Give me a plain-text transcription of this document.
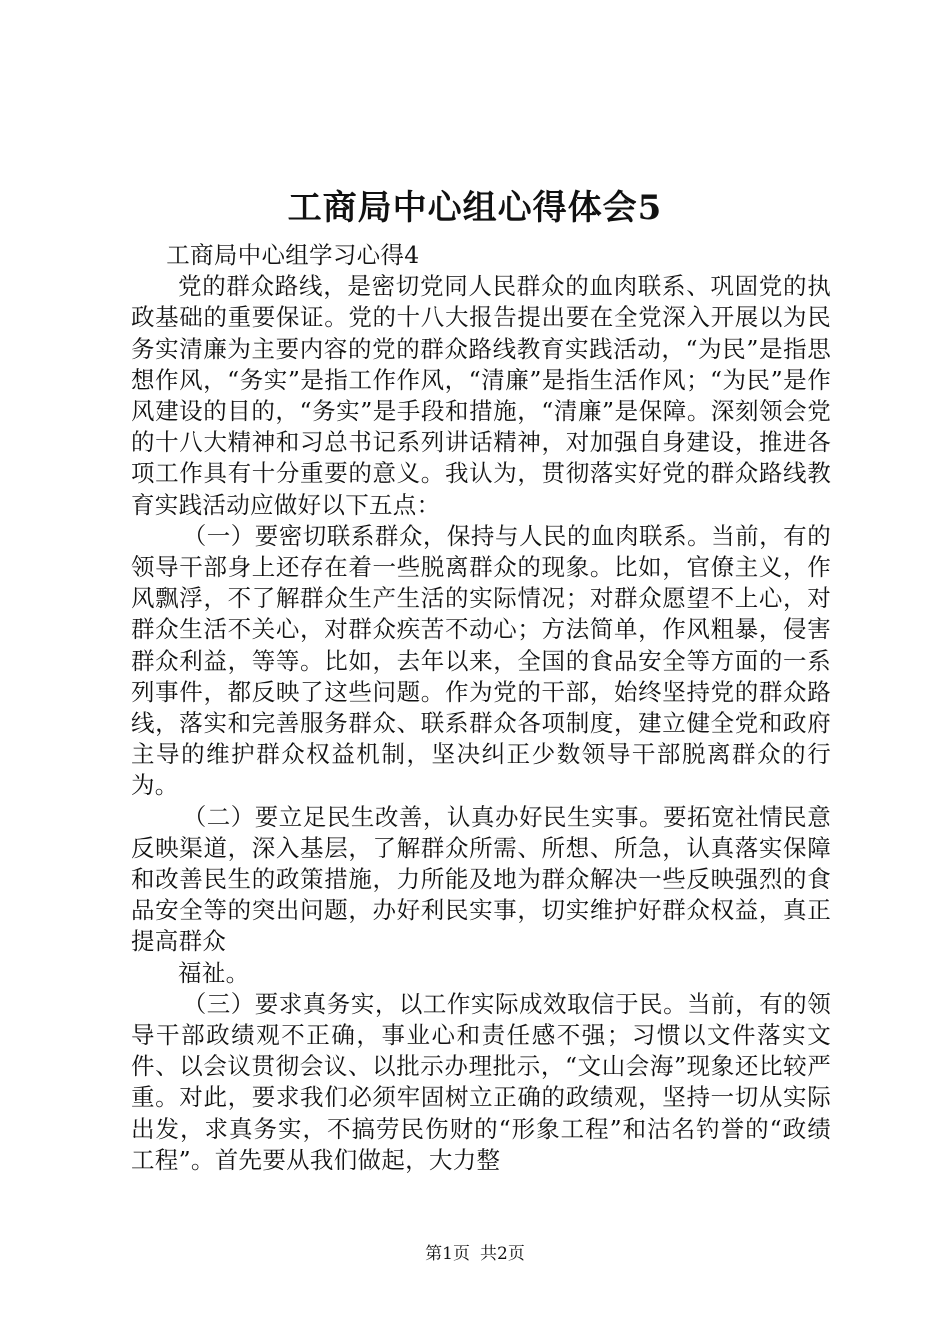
工商局中心组心得体会5

工商局中心组学习心得4

党的群众路线，是密切党同人民群众的血肉联系、巩固党的执政基础的重要保证。党的十八大报告提出要在全党深入开展以为民务实清廉为主要内容的党的群众路线教育实践活动，“为民”是指思想作风，“务实”是指工作作风，“清廉”是指生活作风；“为民”是作风建设的目的，“务实”是手段和措施，“清廉”是保障。深刻领会党的十八大精神和习总书记系列讲话精神，对加强自身建设，推进各项工作具有十分重要的意义。我认为，贯彻落实好党的群众路线教育实践活动应做好以下五点：

（一）要密切联系群众，保持与人民的血肉联系。当前，有的领导干部身上还存在着一些脱离群众的现象。比如，官僚主义，作风飘浮，不了解群众生产生活的实际情况；对群众愿望不上心，对群众生活不关心，对群众疾苦不动心；方法简单，作风粗暴，侵害群众利益，等等。比如，去年以来，全国的食品安全等方面的一系列事件，都反映了这些问题。作为党的干部，始终坚持党的群众路线，落实和完善服务群众、联系群众各项制度，建立健全党和政府主导的维护群众权益机制，坚决纠正少数领导干部脱离群众的行为。

（二）要立足民生改善，认真办好民生实事。要拓宽社情民意反映渠道，深入基层，了解群众所需、所想、所急，认真落实保障和改善民生的政策措施，力所能及地为群众解决一些反映强烈的食品安全等的突出问题，办好利民实事，切实维护好群众权益，真正提高群众

福祉。

（三）要求真务实，以工作实际成效取信于民。当前，有的领导干部政绩观不正确，事业心和责任感不强；习惯以文件落实文件、以会议贯彻会议、以批示办理批示，“文山会海”现象还比较严重。对此，要求我们必须牢固树立正确的政绩观，坚持一切从实际出发，求真务实，不搞劳民伤财的“形象工程”和沽名钓誉的“政绩工程”。首先要从我们做起，大力整

第1页 共2页
